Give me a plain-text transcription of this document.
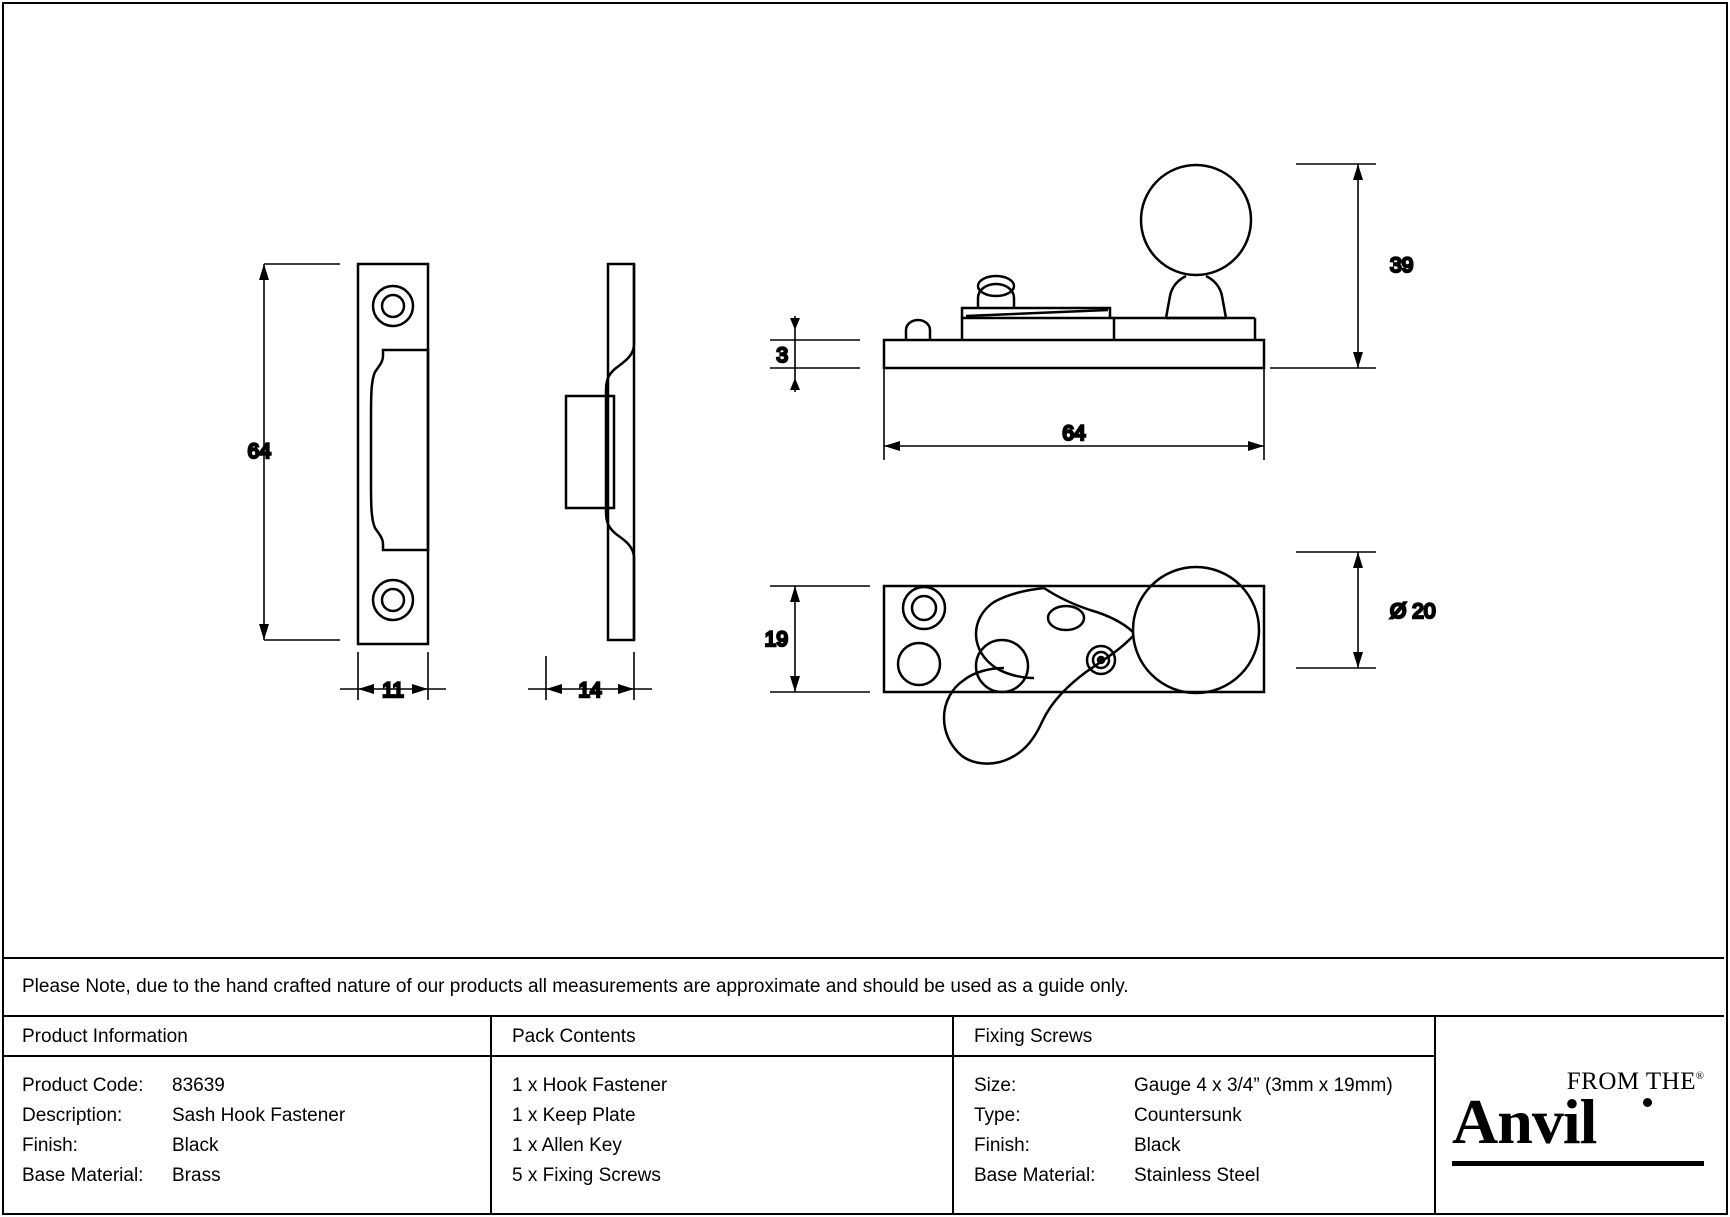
64
11	14
39
3
64
19
Ø 20
Please Note, due to the hand crafted nature of our products all measurements are approximate and should be used as a guide only.
Product Information
Product Code:	83639
Description:	Sash Hook Fastener
Finish:	Black
Base Material:	Brass
Pack Contents
1 x Hook Fastener
1 x Keep Plate
1 x Allen Key
5 x Fixing Screws
Fixing Screws
Size:	Gauge 4 x 3/4” (3mm x 19mm)
Type:	Countersunk
Finish:	Black
Base Material:	Stainless Steel
FROM THE ®
Anvil
